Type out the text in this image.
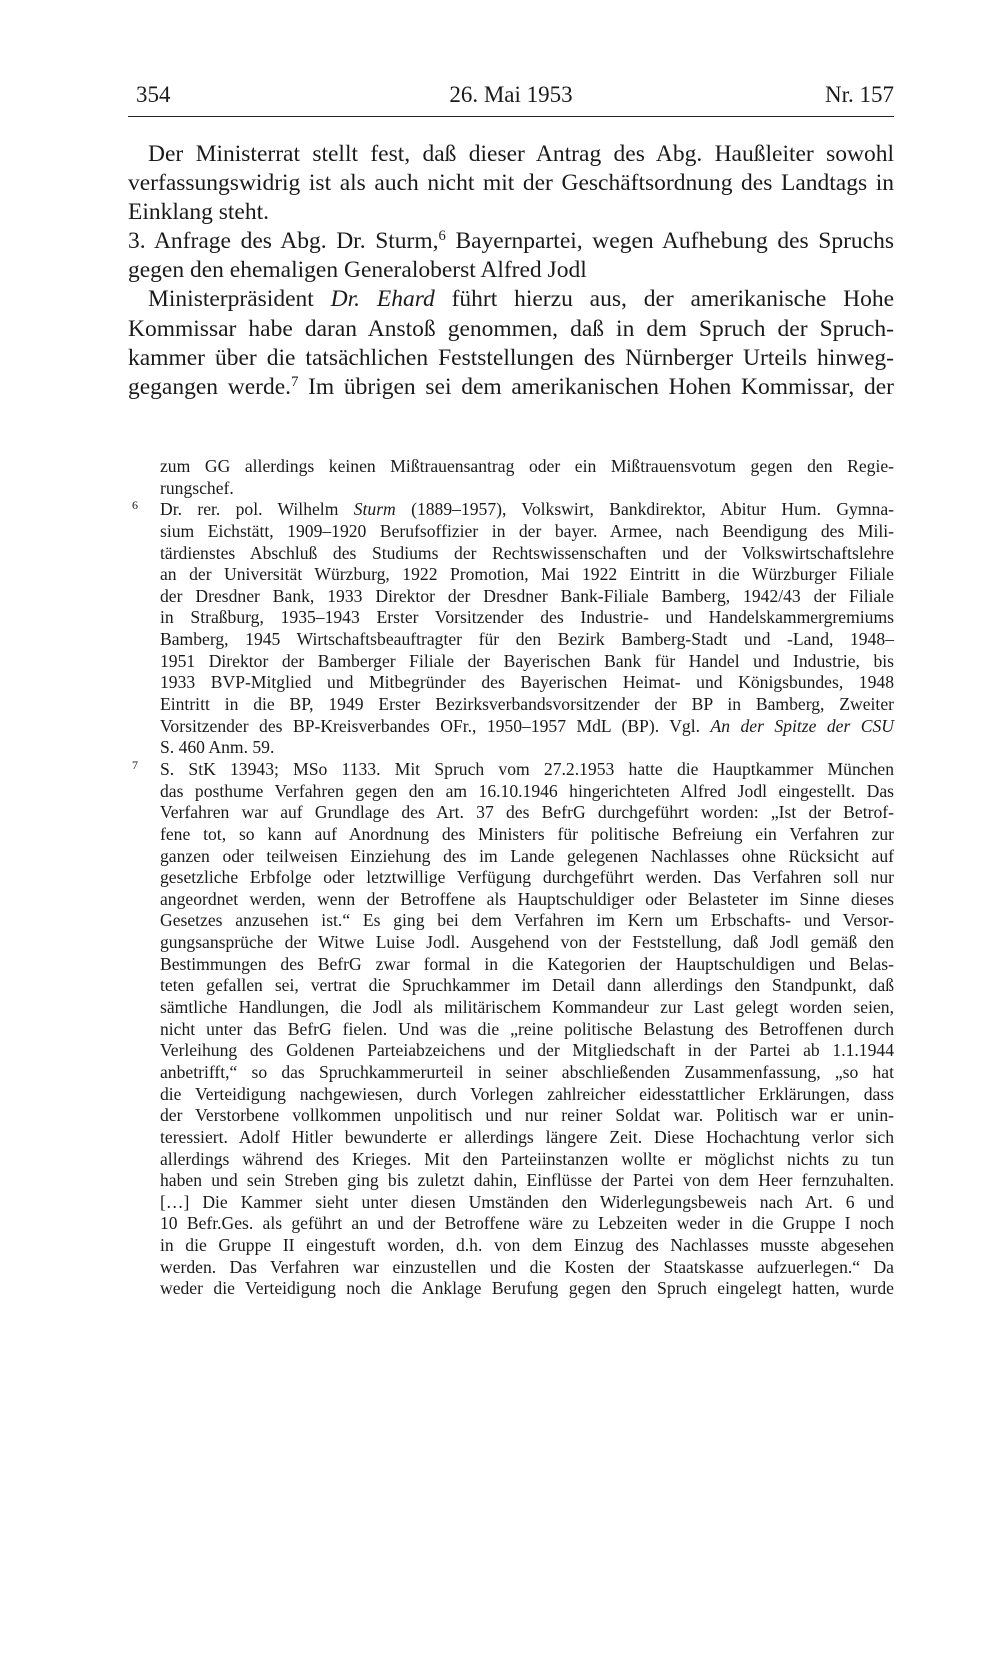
354	26. Mai 1953	Nr. 157
Der Ministerrat stellt fest, daß dieser Antrag des Abg. Haußleiter sowohl
verfassungswidrig ist als auch nicht mit der Geschäftsordnung des Landtags in
Einklang steht.
3. Anfrage des Abg. Dr. Sturm,$^6$ Bayernpartei, wegen Aufhebung des Spruchs
gegen den ehemaligen Generaloberst Alfred Jodl
Ministerpräsident Dr. Ehard führt hierzu aus, der amerikanische Hohe
Kommissar habe daran Anstoß genommen, daß in dem Spruch der Spruch-
kammer über die tatsächlichen Feststellungen des Nürnberger Urteils hinweg-
gegangen werde.$^7$ Im übrigen sei dem amerikanischen Hohen Kommissar, der
zum GG allerdings keinen Mißtrauensantrag oder ein Mißtrauensvotum gegen den Regie-
rungschef.
6 Dr. rer. pol. Wilhelm Sturm (1889–1957), Volkswirt, Bankdirektor, Abitur Hum. Gymna-
sium Eichstätt, 1909–1920 Berufsoffizier in der bayer. Armee, nach Beendigung des Mili-
tärdienstes Abschluß des Studiums der Rechtswissenschaften und der Volkswirtschaftslehre
an der Universität Würzburg, 1922 Promotion, Mai 1922 Eintritt in die Würzburger Filiale
der Dresdner Bank, 1933 Direktor der Dresdner Bank-Filiale Bamberg, 1942/43 der Filiale
in Straßburg, 1935–1943 Erster Vorsitzender des Industrie- und Handelskammergremiums
Bamberg, 1945 Wirtschaftsbeauftragter für den Bezirk Bamberg-Stadt und -Land, 1948–
1951 Direktor der Bamberger Filiale der Bayerischen Bank für Handel und Industrie, bis
1933 BVP-Mitglied und Mitbegründer des Bayerischen Heimat- und Königsbundes, 1948
Eintritt in die BP, 1949 Erster Bezirksverbandsvorsitzender der BP in Bamberg, Zweiter
Vorsitzender des BP-Kreisverbandes OFr., 1950–1957 MdL (BP). Vgl. An der Spitze der CSU
S. 460 Anm. 59.
7 S. StK 13943; MSo 1133. Mit Spruch vom 27.2.1953 hatte die Hauptkammer München
das posthume Verfahren gegen den am 16.10.1946 hingerichteten Alfred Jodl eingestellt. Das
Verfahren war auf Grundlage des Art. 37 des BefrG durchgeführt worden: „Ist der Betrof-
fene tot, so kann auf Anordnung des Ministers für politische Befreiung ein Verfahren zur
ganzen oder teilweisen Einziehung des im Lande gelegenen Nachlasses ohne Rücksicht auf
gesetzliche Erbfolge oder letztwillige Verfügung durchgeführt werden. Das Verfahren soll nur
angeordnet werden, wenn der Betroffene als Hauptschuldiger oder Belasteter im Sinne dieses
Gesetzes anzusehen ist.“ Es ging bei dem Verfahren im Kern um Erbschafts- und Versor-
gungsansprüche der Witwe Luise Jodl. Ausgehend von der Feststellung, daß Jodl gemäß den
Bestimmungen des BefrG zwar formal in die Kategorien der Hauptschuldigen und Belas-
teten gefallen sei, vertrat die Spruchkammer im Detail dann allerdings den Standpunkt, daß
sämtliche Handlungen, die Jodl als militärischem Kommandeur zur Last gelegt worden seien,
nicht unter das BefrG fielen. Und was die „reine politische Belastung des Betroffenen durch
Verleihung des Goldenen Parteiabzeichens und der Mitgliedschaft in der Partei ab 1.1.1944
anbetrifft,“ so das Spruchkammerurteil in seiner abschließenden Zusammenfassung, „so hat
die Verteidigung nachgewiesen, durch Vorlegen zahlreicher eidesstattlicher Erklärungen, dass
der Verstorbene vollkommen unpolitisch und nur reiner Soldat war. Politisch war er unin-
teressiert. Adolf Hitler bewunderte er allerdings längere Zeit. Diese Hochachtung verlor sich
allerdings während des Krieges. Mit den Parteiinstanzen wollte er möglichst nichts zu tun
haben und sein Streben ging bis zuletzt dahin, Einflüsse der Partei von dem Heer fernzuhalten.
[…] Die Kammer sieht unter diesen Umständen den Widerlegungsbeweis nach Art. 6 und
10 Befr.Ges. als geführt an und der Betroffene wäre zu Lebzeiten weder in die Gruppe I noch
in die Gruppe II eingestuft worden, d.h. von dem Einzug des Nachlasses musste abgesehen
werden. Das Verfahren war einzustellen und die Kosten der Staatskasse aufzuerlegen.“ Da
weder die Verteidigung noch die Anklage Berufung gegen den Spruch eingelegt hatten, wurde
